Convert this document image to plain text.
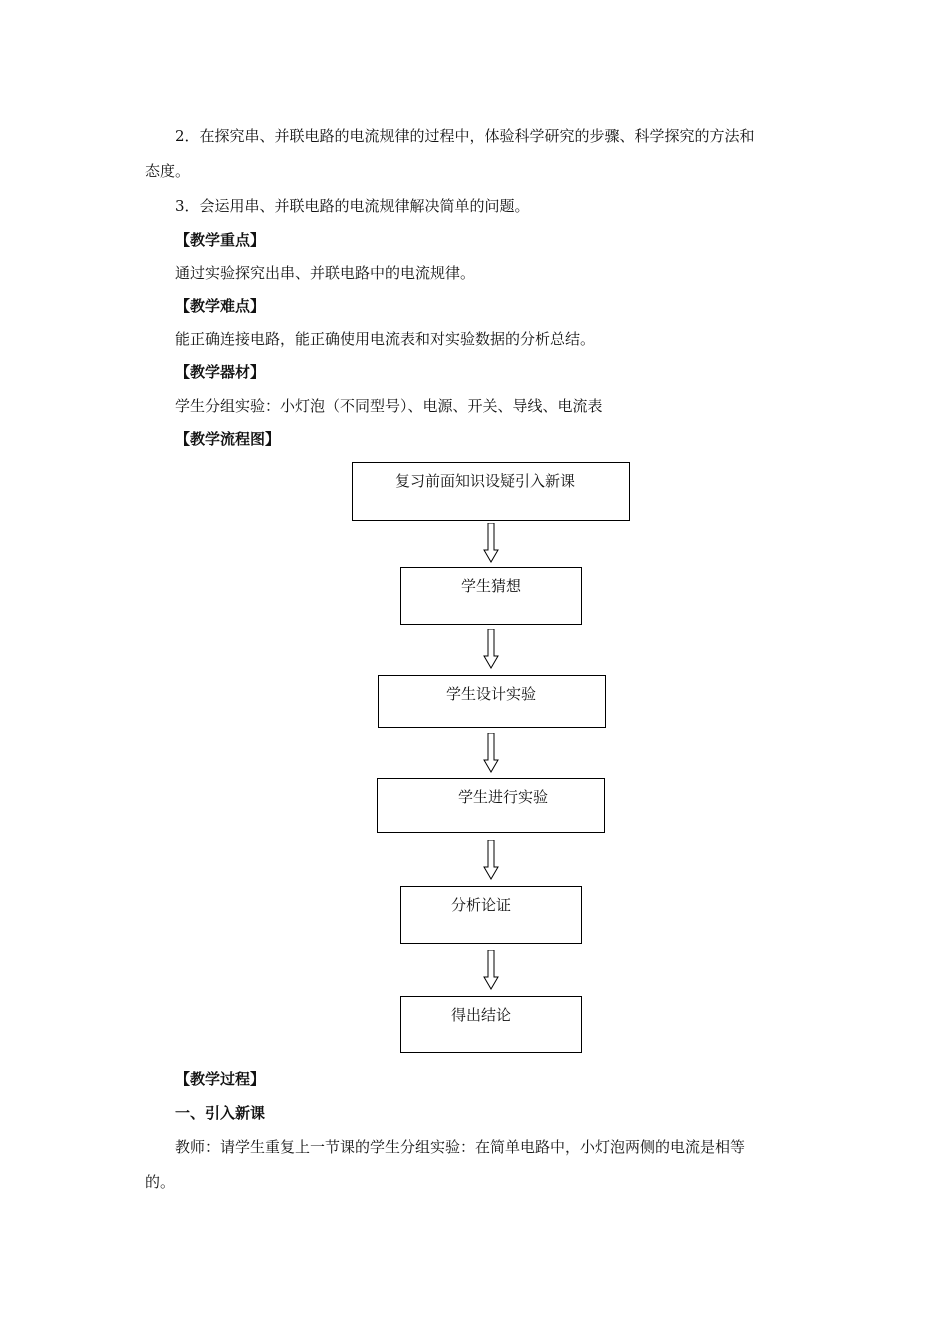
2．在探究串、并联电路的电流规律的过程中，体验科学研究的步骤、科学探究的方法和

态度。

3．会运用串、并联电路的电流规律解决简单的问题。

【教学重点】

通过实验探究出串、并联电路中的电流规律。

【教学难点】

能正确连接电路，能正确使用电流表和对实验数据的分析总结。

【教学器材】

学生分组实验：小灯泡（不同型号）、电源、开关、导线、电流表

【教学流程图】

复习前面知识设疑引入新课
学生猜想
学生设计实验
学生进行实验
分析论证
得出结论

【教学过程】

一、引入新课

教师：请学生重复上一节课的学生分组实验：在简单电路中，小灯泡两侧的电流是相等

的。
